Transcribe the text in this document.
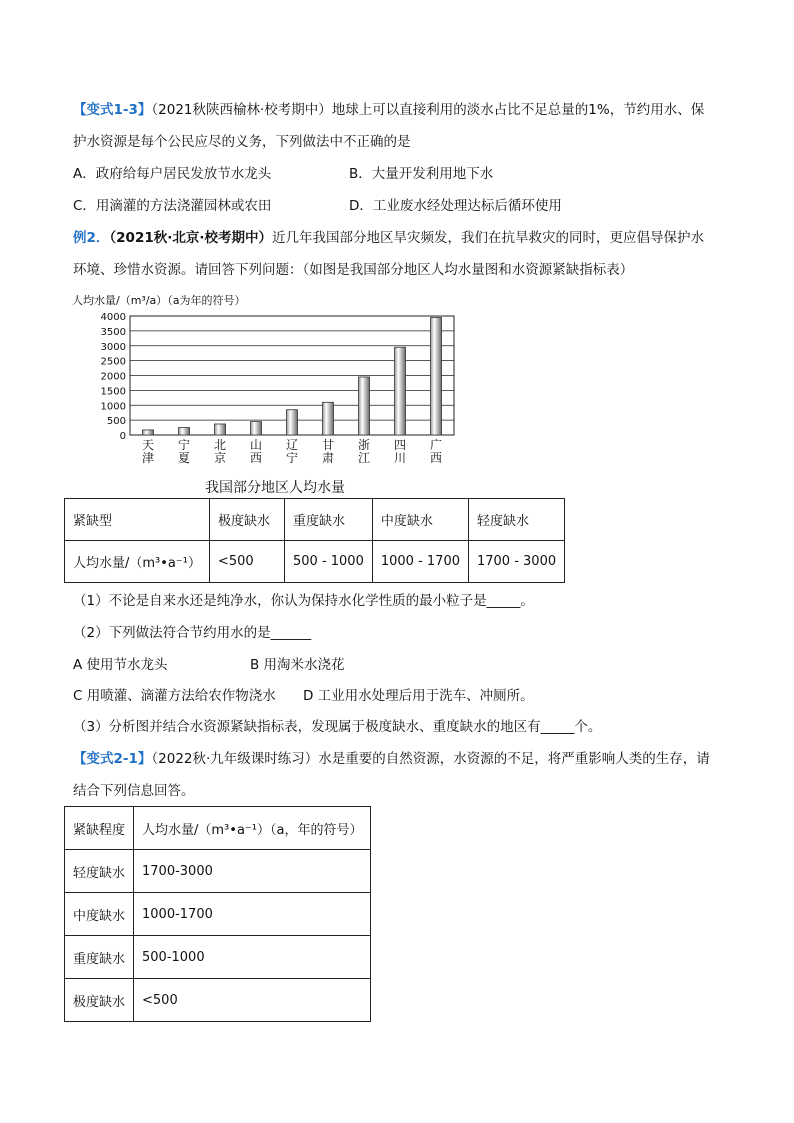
【变式1-3】（2021秋陕西榆林·校考期中）地球上可以直接利用的淡水占比不足总量的1%，节约用水、保
护水资源是每个公民应尽的义务，下列做法中不正确的是
A．政府给每户居民发放节水龙头	B．大量开发利用地下水
C．用滴灌的方法浇灌园林或农田	D．工业废水经处理达标后循环使用
例2．（2021秋·北京·校考期中）近几年我国部分地区旱灾频发，我们在抗旱救灾的同时，更应倡导保护水
环境、珍惜水资源。请回答下列问题：（如图是我国部分地区人均水量图和水资源紧缺指标表）
人均水量/（m³/a）（a为年的符号）
4000
3500
3000
2500
2000
1500
1000
500
0
天
津
宁
夏
北
京
山
西
辽
宁
甘
肃
浙
江
四
川
广
西
我国部分地区人均水量
紧缺型	极度缺水	重度缺水	中度缺水	轻度缺水
人均水量/（m³•a⁻¹）	<500	500 - 1000	1000 - 1700	1700 - 3000
（1）不论是自来水还是纯净水，你认为保持水化学性质的最小粒子是_____。
（2）下列做法符合节约用水的是______
A 使用节水龙头	B 用淘米水浇花
C 用喷灌、滴灌方法给农作物浇水 D 工业用水处理后用于洗车、冲厕所。
（3）分析图并结合水资源紧缺指标表，发现属于极度缺水、重度缺水的地区有_____个。
【变式2-1】（2022秋·九年级课时练习）水是重要的自然资源，水资源的不足，将严重影响人类的生存，请
结合下列信息回答。
紧缺程度	人均水量/（m³•a⁻¹）（a，年的符号）
轻度缺水	1700-3000
中度缺水	1000-1700
重度缺水	500-1000
极度缺水	<500
